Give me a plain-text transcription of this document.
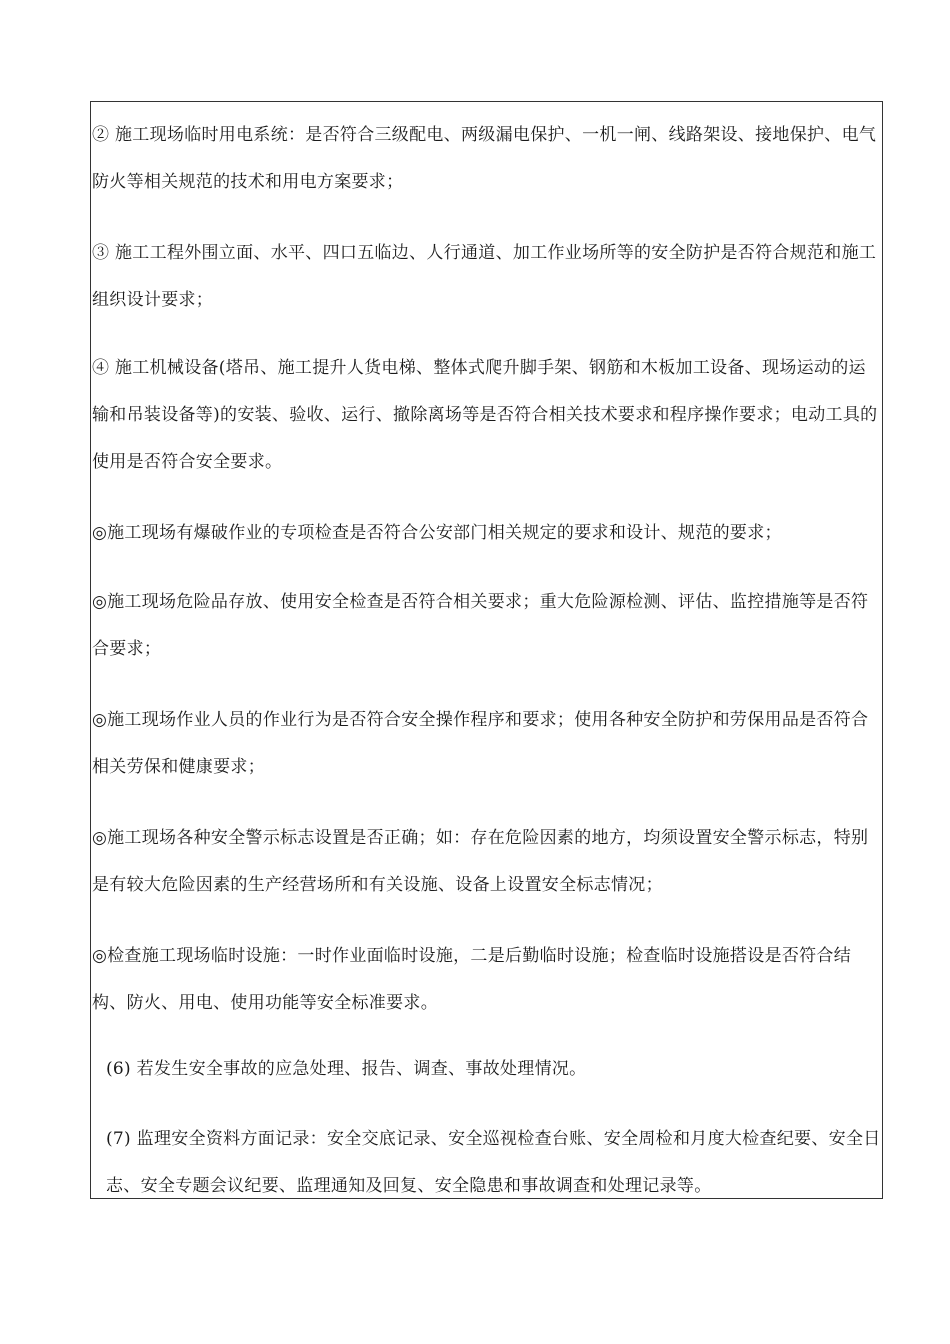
② 施工现场临时用电系统：是否符合三级配电、两级漏电保护、一机一闸、线路架设、接地保护、电气防火等相关规范的技术和用电方案要求；

③ 施工工程外围立面、水平、四口五临边、人行通道、加工作业场所等的安全防护是否符合规范和施工组织设计要求；

④ 施工机械设备(塔吊、施工提升人货电梯、整体式爬升脚手架、钢筋和木板加工设备、现场运动的运输和吊装设备等)的安装、验收、运行、撤除离场等是否符合相关技术要求和程序操作要求；电动工具的使用是否符合安全要求。

◎施工现场有爆破作业的专项检查是否符合公安部门相关规定的要求和设计、规范的要求；

◎施工现场危险品存放、使用安全检查是否符合相关要求；重大危险源检测、评估、监控措施等是否符合要求；

◎施工现场作业人员的作业行为是否符合安全操作程序和要求；使用各种安全防护和劳保用品是否符合相关劳保和健康要求；

◎施工现场各种安全警示标志设置是否正确；如：存在危险因素的地方，均须设置安全警示标志，特别是有较大危险因素的生产经营场所和有关设施、设备上设置安全标志情况；

◎检查施工现场临时设施：一时作业面临时设施，二是后勤临时设施；检查临时设施搭设是否符合结构、防火、用电、使用功能等安全标准要求。

(6) 若发生安全事故的应急处理、报告、调查、事故处理情况。

(7) 监理安全资料方面记录：安全交底记录、安全巡视检查台账、安全周检和月度大检查纪要、安全日志、安全专题会议纪要、监理通知及回复、安全隐患和事故调查和处理记录等。
